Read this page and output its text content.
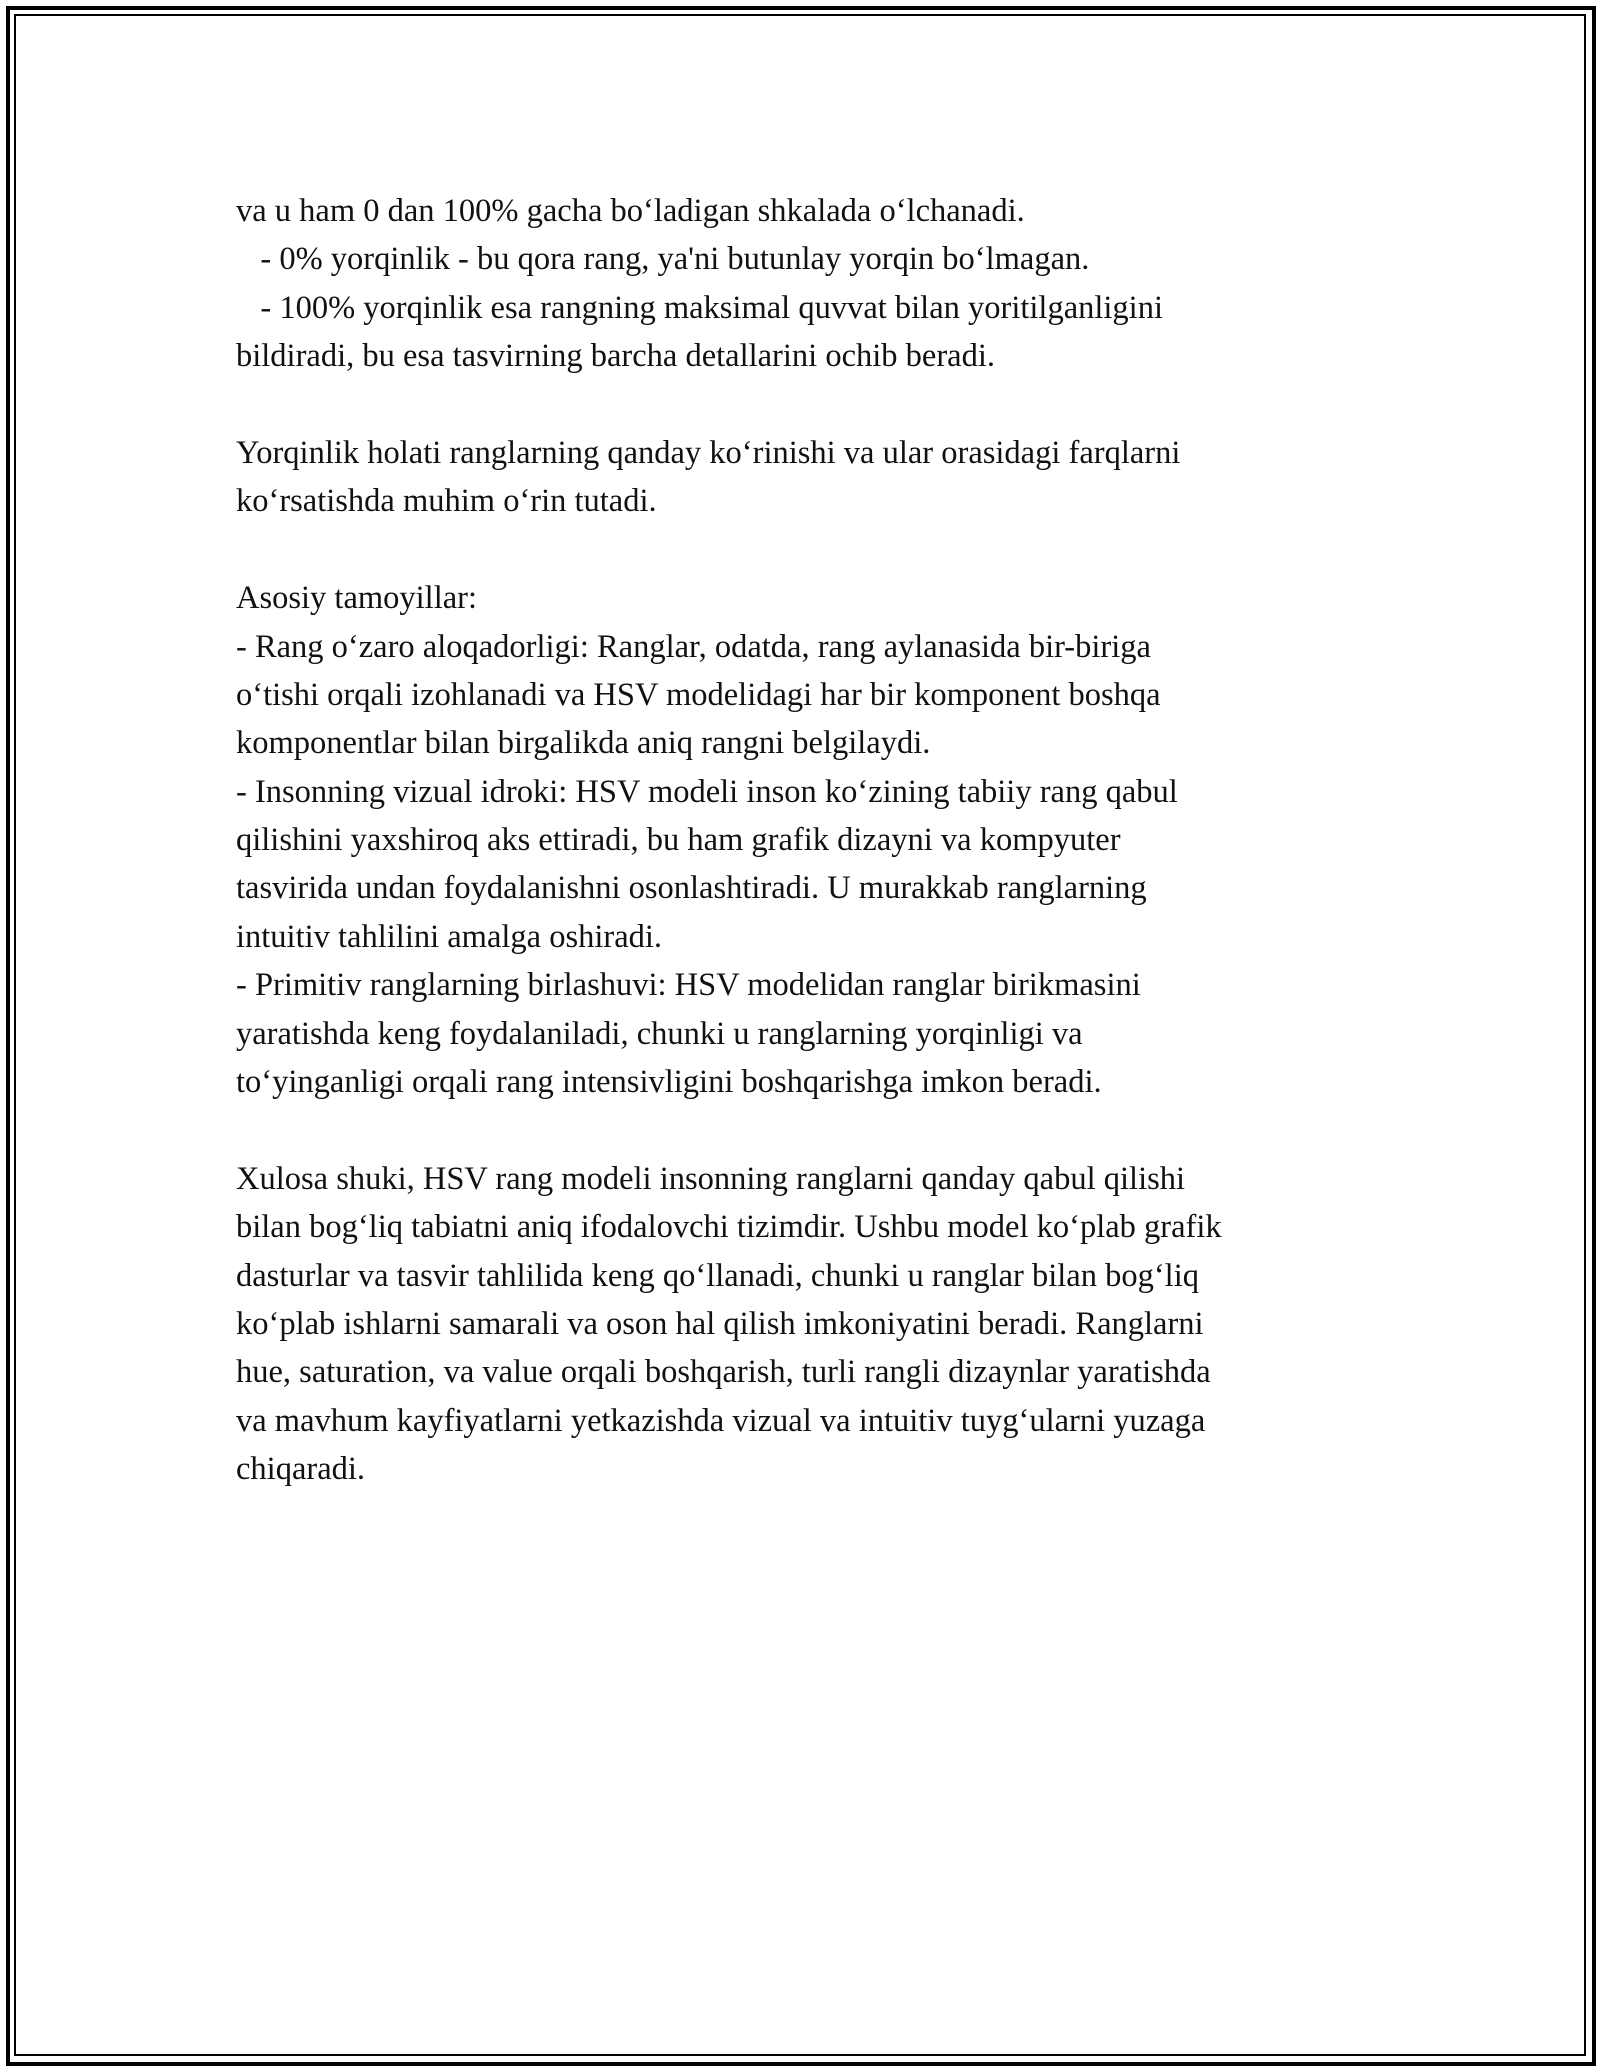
va u ham 0 dan 100% gacha boʻladigan shkalada oʻlchanadi.
- 0% yorqinlik - bu qora rang, ya'ni butunlay yorqin boʻlmagan.
- 100% yorqinlik esa rangning maksimal quvvat bilan yoritilganligini
bildiradi, bu esa tasvirning barcha detallarini ochib beradi.
Yorqinlik holati ranglarning qanday koʻrinishi va ular orasidagi farqlarni
koʻrsatishda muhim oʻrin tutadi.
Asosiy tamoyillar:
- Rang oʻzaro aloqadorligi: Ranglar, odatda, rang aylanasida bir-biriga
oʻtishi orqali izohlanadi va HSV modelidagi har bir komponent boshqa
komponentlar bilan birgalikda aniq rangni belgilaydi.
- Insonning vizual idroki: HSV modeli inson koʻzining tabiiy rang qabul
qilishini yaxshiroq aks ettiradi, bu ham grafik dizayni va kompyuter
tasvirida undan foydalanishni osonlashtiradi. U murakkab ranglarning
intuitiv tahlilini amalga oshiradi.
- Primitiv ranglarning birlashuvi: HSV modelidan ranglar birikmasini
yaratishda keng foydalaniladi, chunki u ranglarning yorqinligi va
toʻyinganligi orqali rang intensivligini boshqarishga imkon beradi.
Xulosa shuki, HSV rang modeli insonning ranglarni qanday qabul qilishi
bilan bogʻliq tabiatni aniq ifodalovchi tizimdir. Ushbu model koʻplab grafik
dasturlar va tasvir tahlilida keng qoʻllanadi, chunki u ranglar bilan bogʻliq
koʻplab ishlarni samarali va oson hal qilish imkoniyatini beradi. Ranglarni
hue, saturation, va value orqali boshqarish, turli rangli dizaynlar yaratishda
va mavhum kayfiyatlarni yetkazishda vizual va intuitiv tuygʻularni yuzaga
chiqaradi.
